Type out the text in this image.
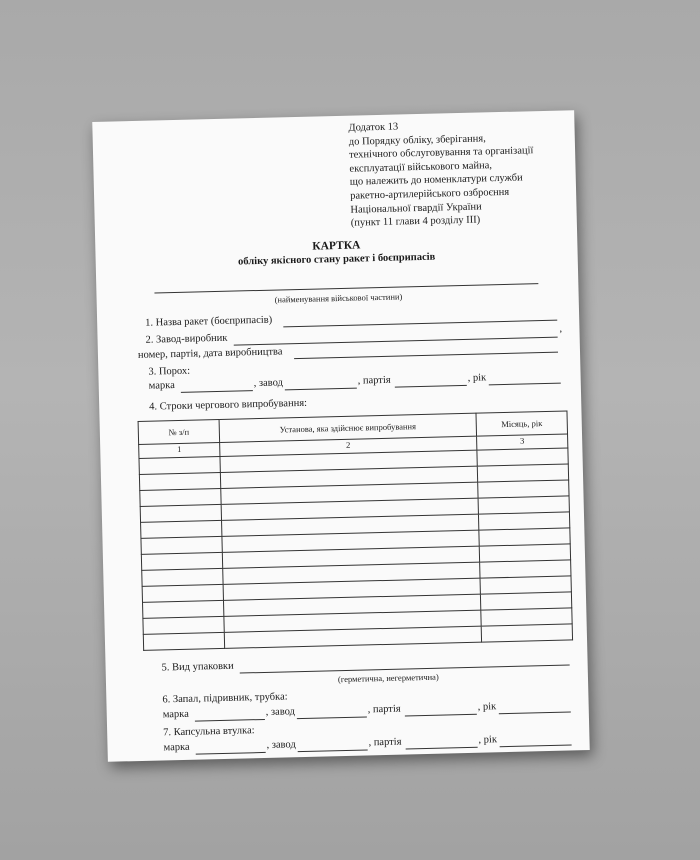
Додаток 13
до Порядку обліку, зберігання,
технічного обслуговування та організації
експлуатації військового майна,
що належить до номенклатури служби
ракетно-артилерійського озброєння
Національної гвардії України
(пункт 11 глави 4 розділу III)
КАРТКА
обліку якісного стану ракет і боєприпасів
(найменування військової частини)
1. Назва ракет (боєприпасів)
2. Завод-виробник
,
номер, партія, дата виробництва
3. Порох:
марка	, завод	, партія	, рік
4. Строки чергового випробування:
№ з/п	Установа, яка здійснює випробування	Місяць, рік
1	2	3

5. Вид упаковки
(герметична, негерметична)
6. Запал, підривник, трубка:
марка	, завод	, партія	, рік
7. Капсульна втулка:
марка	, завод	, партія	, рік
